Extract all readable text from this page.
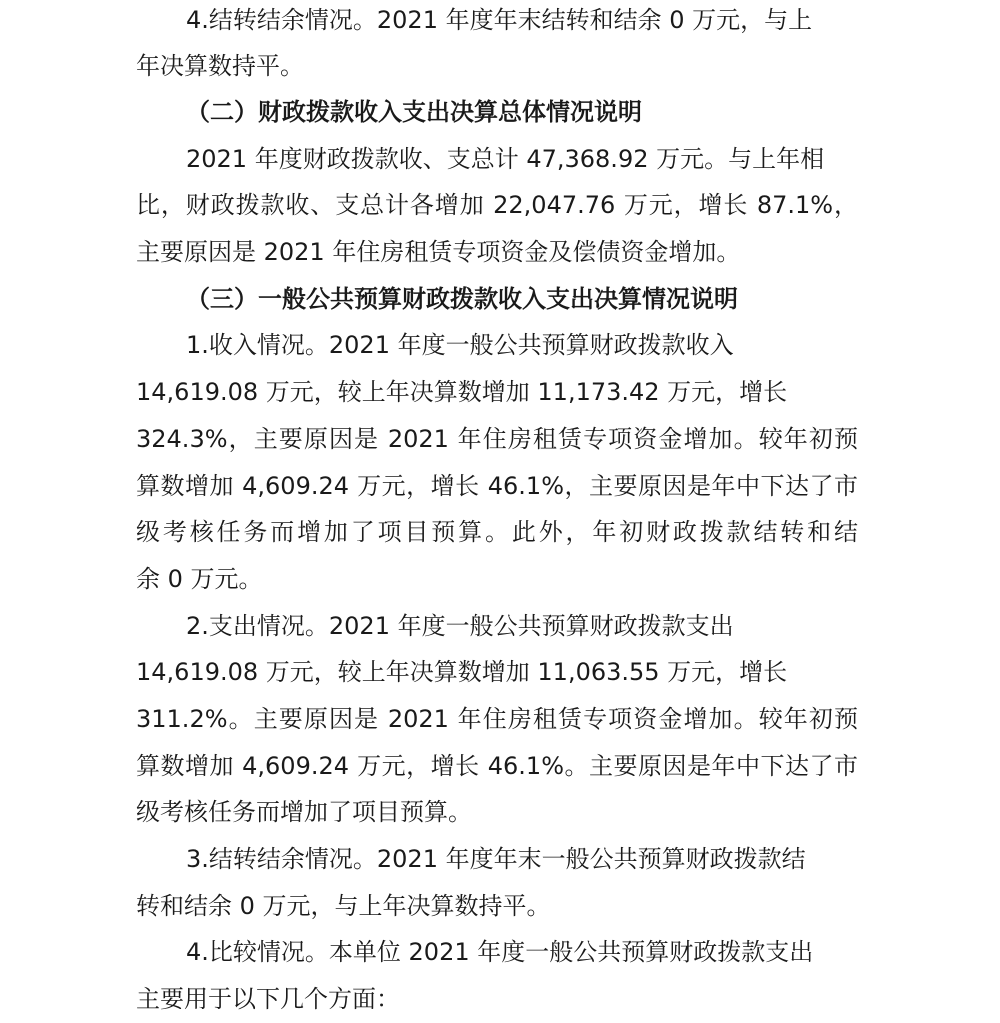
4.结转结余情况。2021 年度年末结转和结余 0 万元，与上
年决算数持平。
（二）财政拨款收入支出决算总体情况说明
2021 年度财政拨款收、支总计 47,368.92 万元。与上年相
比，财政拨款收、支总计各增加 22,047.76 万元，增长 87.1%，
主要原因是 2021 年住房租赁专项资金及偿债资金增加。
（三）一般公共预算财政拨款收入支出决算情况说明
1.收入情况。2021 年度一般公共预算财政拨款收入
14,619.08 万元，较上年决算数增加 11,173.42 万元，增长
324.3%，主要原因是 2021 年住房租赁专项资金增加。较年初预
算数增加 4,609.24 万元，增长 46.1%，主要原因是年中下达了市
级考核任务而增加了项目预算。此外，年初财政拨款结转和结
余 0 万元。
2.支出情况。2021 年度一般公共预算财政拨款支出
14,619.08 万元，较上年决算数增加 11,063.55 万元，增长
311.2%。主要原因是 2021 年住房租赁专项资金增加。较年初预
算数增加 4,609.24 万元，增长 46.1%。主要原因是年中下达了市
级考核任务而增加了项目预算。
3.结转结余情况。2021 年度年末一般公共预算财政拨款结
转和结余 0 万元，与上年决算数持平。
4.比较情况。本单位 2021 年度一般公共预算财政拨款支出
主要用于以下几个方面：
